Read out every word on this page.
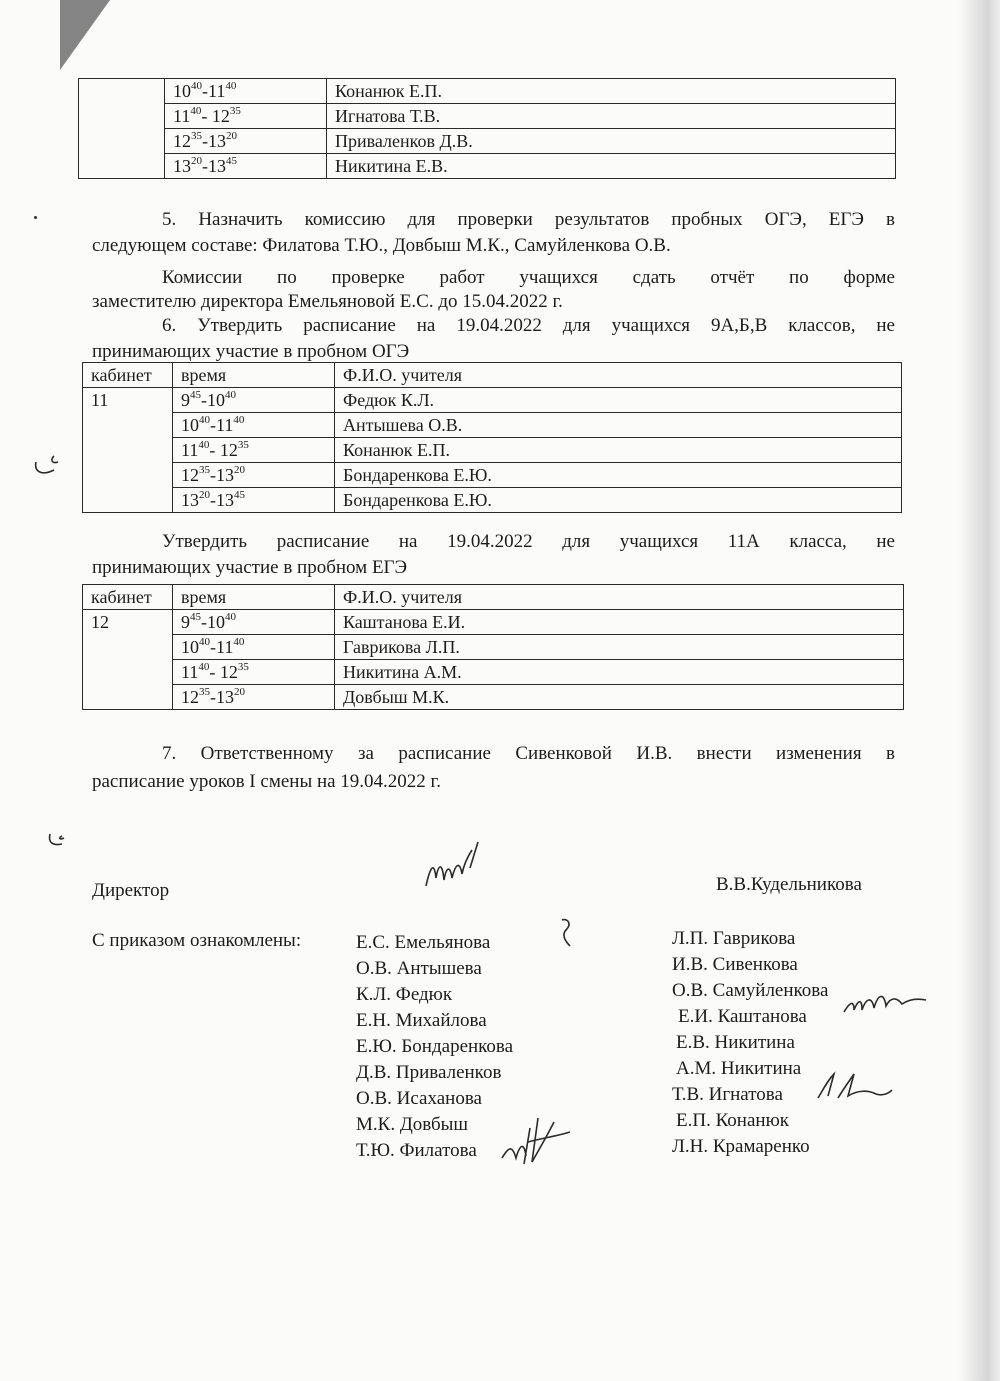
	$10^{40}-11^{40}$	Конанюк Е.П.
	$11^{40}-$ $12^{35}$	Игнатова Т.В.
	$12^{35}-13^{20}$	Приваленков Д.В.
	$13^{20}-13^{45}$	Никитина Е.В.
5. Назначить комиссию для проверки результатов пробных ОГЭ, ЕГЭ в
следующем составе: Филатова Т.Ю., Довбыш М.К., Самуйленкова О.В.
Комиссии по проверке работ учащихся сдать отчёт по форме
заместителю директора Емельяновой Е.С. до 15.04.2022 г.
6. Утвердить расписание на 19.04.2022 для учащихся 9А,Б,В классов, не
принимающих участие в пробном ОГЭ
кабинет	время	Ф.И.О. учителя
11	$9^{45}-10^{40}$	Федюк К.Л.
	$10^{40}-11^{40}$	Антышева О.В.
	$11^{40}-$ $12^{35}$	Конанюк Е.П.
	$12^{35}-13^{20}$	Бондаренкова Е.Ю.
	$13^{20}-13^{45}$	Бондаренкова Е.Ю.
Утвердить расписание на 19.04.2022 для учащихся 11А класса, не
принимающих участие в пробном ЕГЭ
кабинет	время	Ф.И.О. учителя
12	$9^{45}-10^{40}$	Каштанова Е.И.
	$10^{40}-11^{40}$	Гаврикова Л.П.
	$11^{40}-$ $12^{35}$	Никитина А.М.
	$12^{35}-13^{20}$	Довбыш М.К.
7. Ответственному за расписание Сивенковой И.В. внести изменения в
расписание уроков I смены на 19.04.2022 г.
Директор	В.В.Кудельникова
С приказом ознакомлены:	Е.С. Емельянова
О.В. Антышева
К.Л. Федюк
Е.Н. Михайлова
Е.Ю. Бондаренкова
Д.В. Приваленков
О.В. Исаханова
М.К. Довбыш
Т.Ю. Филатова
Л.П. Гаврикова
И.В. Сивенкова
О.В. Самуйленкова
Е.И. Каштанова
Е.В. Никитина
А.М. Никитина
Т.В. Игнатова
Е.П. Конанюк
Л.Н. Крамаренко
